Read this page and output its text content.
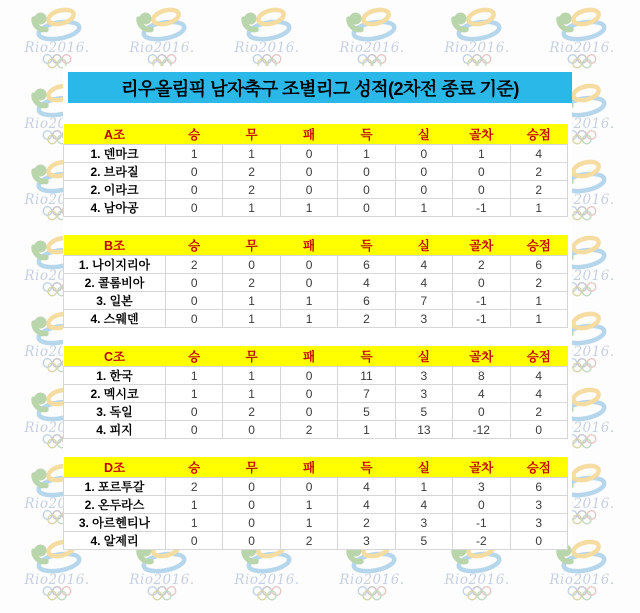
리우올림픽 남자축구 조별리그 성적(2차전 종료 기준)
A조	승	무	패	득	실	골차	승점
1. 덴마크	1	1	0	1	0	1	4
2. 브라질	0	2	0	0	0	0	2
2. 이라크	0	2	0	0	0	0	2
4. 남아공	0	1	1	0	1	-1	1
B조	승	무	패	득	실	골차	승점
1. 나이지리아	2	0	0	6	4	2	6
2. 콜롬비아	0	2	0	4	4	0	2
3. 일본	0	1	1	6	7	-1	1
4. 스웨덴	0	1	1	2	3	-1	1
C조	승	무	패	득	실	골차	승점
1. 한국	1	1	0	11	3	8	4
2. 멕시코	1	1	0	7	3	4	4
3. 독일	0	2	0	5	5	0	2
4. 피지	0	0	2	1	13	-12	0
D조	승	무	패	득	실	골차	승점
1. 포르투갈	2	0	0	4	1	3	6
2. 온두라스	1	0	1	4	4	0	3
3. 아르헨티나	1	0	1	2	3	-1	3
4. 알제리	0	0	2	3	5	-2	0
